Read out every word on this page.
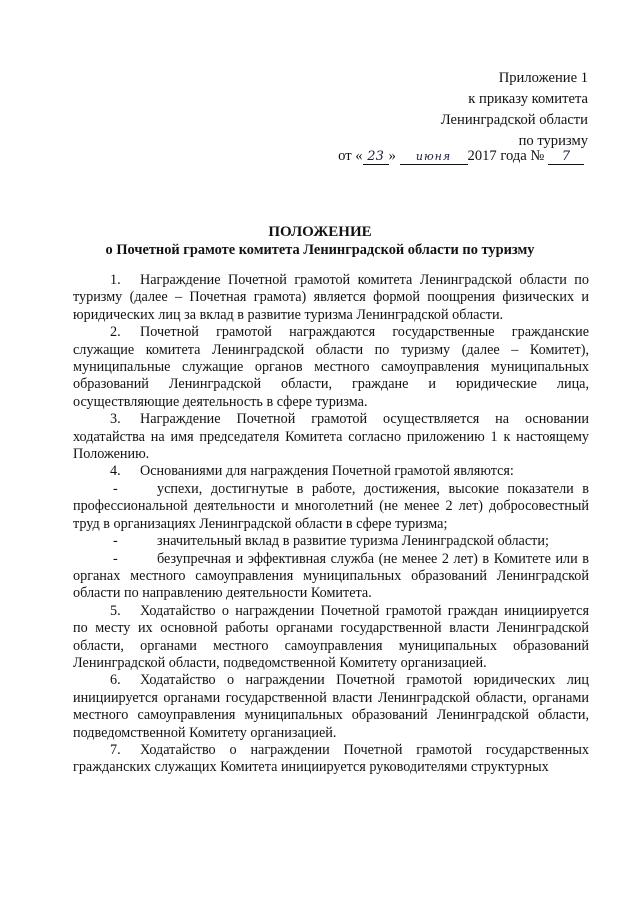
Приложение 1
к приказу комитета
Ленинградской области
по туризму
от « 23 » июня 2017 года № 7
ПОЛОЖЕНИЕ
о Почетной грамоте комитета Ленинградской области по туризму

1. Награждение Почетной грамотой комитета Ленинградской области по туризму (далее – Почетная грамота) является формой поощрения физических и юридических лиц за вклад в развитие туризма Ленинградской области.

2. Почетной грамотой награждаются государственные гражданские служащие комитета Ленинградской области по туризму (далее – Комитет), муниципальные служащие органов местного самоуправления муниципальных образований Ленинградской области, граждане и юридические лица, осуществляющие деятельность в сфере туризма.

3. Награждение Почетной грамотой осуществляется на основании ходатайства на имя председателя Комитета согласно приложению 1 к настоящему Положению.

4. Основаниями для награждения Почетной грамотой являются:

-	успехи, достигнутые в работе, достижения, высокие показатели в профессиональной деятельности и многолетний (не менее 2 лет) добросовестный труд в организациях Ленинградской области в сфере туризма;

-	значительный вклад в развитие туризма Ленинградской области;

-	безупречная и эффективная служба (не менее 2 лет) в Комитете или в органах местного самоуправления муниципальных образований Ленинградской области по направлению деятельности Комитета.

5. Ходатайство о награждении Почетной грамотой граждан инициируется по месту их основной работы органами государственной власти Ленинградской области, органами местного самоуправления муниципальных образований Ленинградской области, подведомственной Комитету организацией.

6. Ходатайство о награждении Почетной грамотой юридических лиц инициируется органами государственной власти Ленинградской области, органами местного самоуправления муниципальных образований Ленинградской области, подведомственной Комитету организацией.

7. Ходатайство о награждении Почетной грамотой государственных гражданских служащих Комитета инициируется руководителями структурных
